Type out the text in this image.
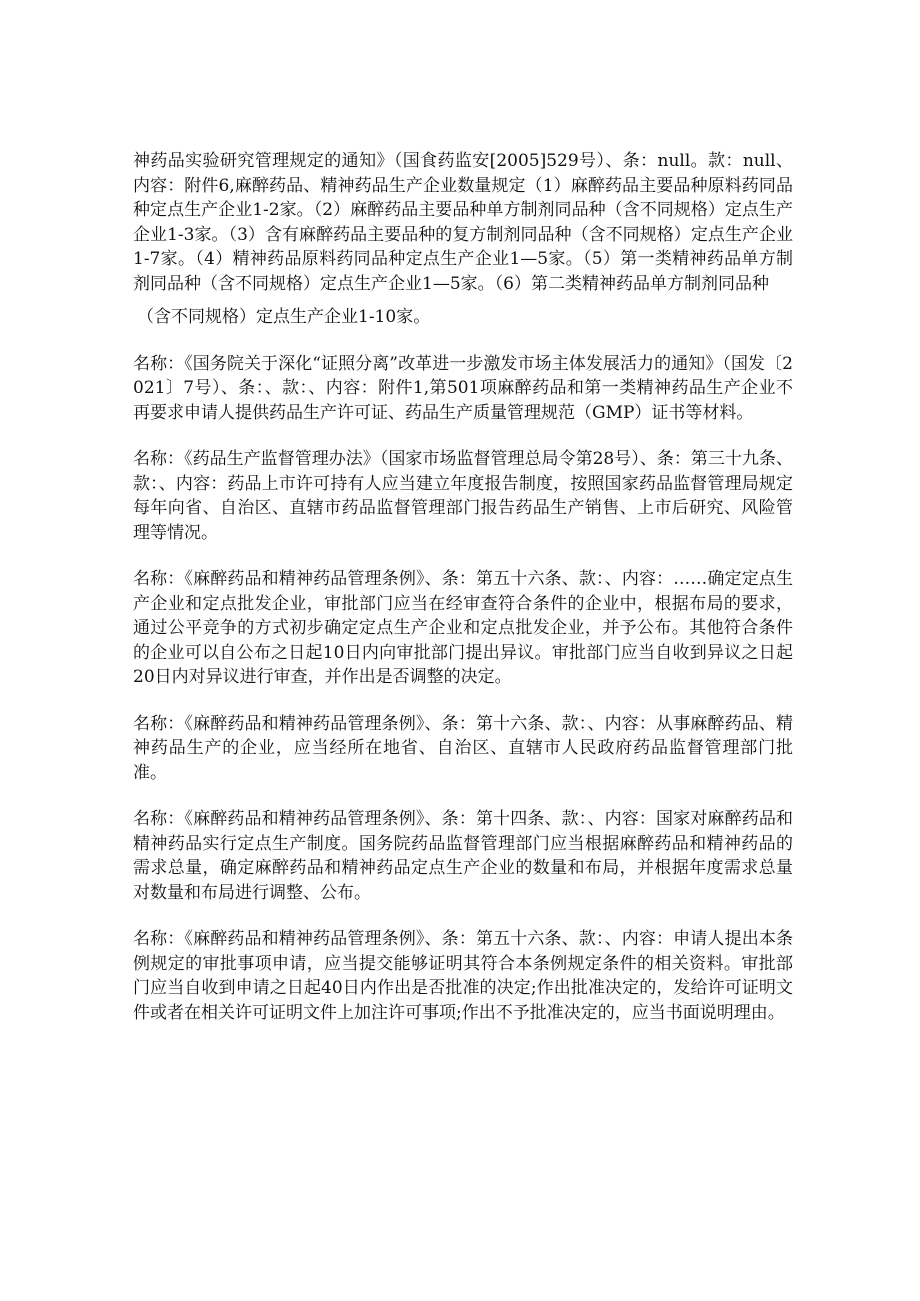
神药品实验研究管理规定的通知》（国食药监安[2005]529号）、条：null。款：null、内容：附件6,麻醉药品、精神药品生产企业数量规定（1）麻醉药品主要品种原料药同品种定点生产企业1-2家。（2）麻醉药品主要品种单方制剂同品种（含不同规格）定点生产企业1-3家。（3）含有麻醉药品主要品种的复方制剂同品种（含不同规格）定点生产企业1-7家。（4）精神药品原料药同品种定点生产企业1—5家。（5）第一类精神药品单方制剂同品种（含不同规格）定点生产企业1—5家。（6）第二类精神药品单方制剂同品种

（含不同规格）定点生产企业1-10家。

名称：《国务院关于深化“证照分离”改革进一步激发市场主体发展活力的通知》（国发〔2021〕7号）、条：、款：、内容：附件1,第501项麻醉药品和第一类精神药品生产企业不再要求申请人提供药品生产许可证、药品生产质量管理规范（GMP）证书等材料。

名称：《药品生产监督管理办法》（国家市场监督管理总局令第28号）、条：第三十九条、款：、内容：药品上市许可持有人应当建立年度报告制度，按照国家药品监督管理局规定每年向省、自治区、直辖市药品监督管理部门报告药品生产销售、上市后研究、风险管理等情况。

名称：《麻醉药品和精神药品管理条例》、条：第五十六条、款：、内容：……确定定点生产企业和定点批发企业，审批部门应当在经审查符合条件的企业中，根据布局的要求，通过公平竞争的方式初步确定定点生产企业和定点批发企业，并予公布。其他符合条件的企业可以自公布之日起10日内向审批部门提出异议。审批部门应当自收到异议之日起20日内对异议进行审查，并作出是否调整的决定。

名称：《麻醉药品和精神药品管理条例》、条：第十六条、款：、内容：从事麻醉药品、精神药品生产的企业，应当经所在地省、自治区、直辖市人民政府药品监督管理部门批准。

名称：《麻醉药品和精神药品管理条例》、条：第十四条、款：、内容：国家对麻醉药品和精神药品实行定点生产制度。国务院药品监督管理部门应当根据麻醉药品和精神药品的需求总量，确定麻醉药品和精神药品定点生产企业的数量和布局，并根据年度需求总量对数量和布局进行调整、公布。

名称：《麻醉药品和精神药品管理条例》、条：第五十六条、款：、内容：申请人提出本条例规定的审批事项申请，应当提交能够证明其符合本条例规定条件的相关资料。审批部门应当自收到申请之日起40日内作出是否批准的决定;作出批准决定的，发给许可证明文件或者在相关许可证明文件上加注许可事项;作出不予批准决定的，应当书面说明理由。
